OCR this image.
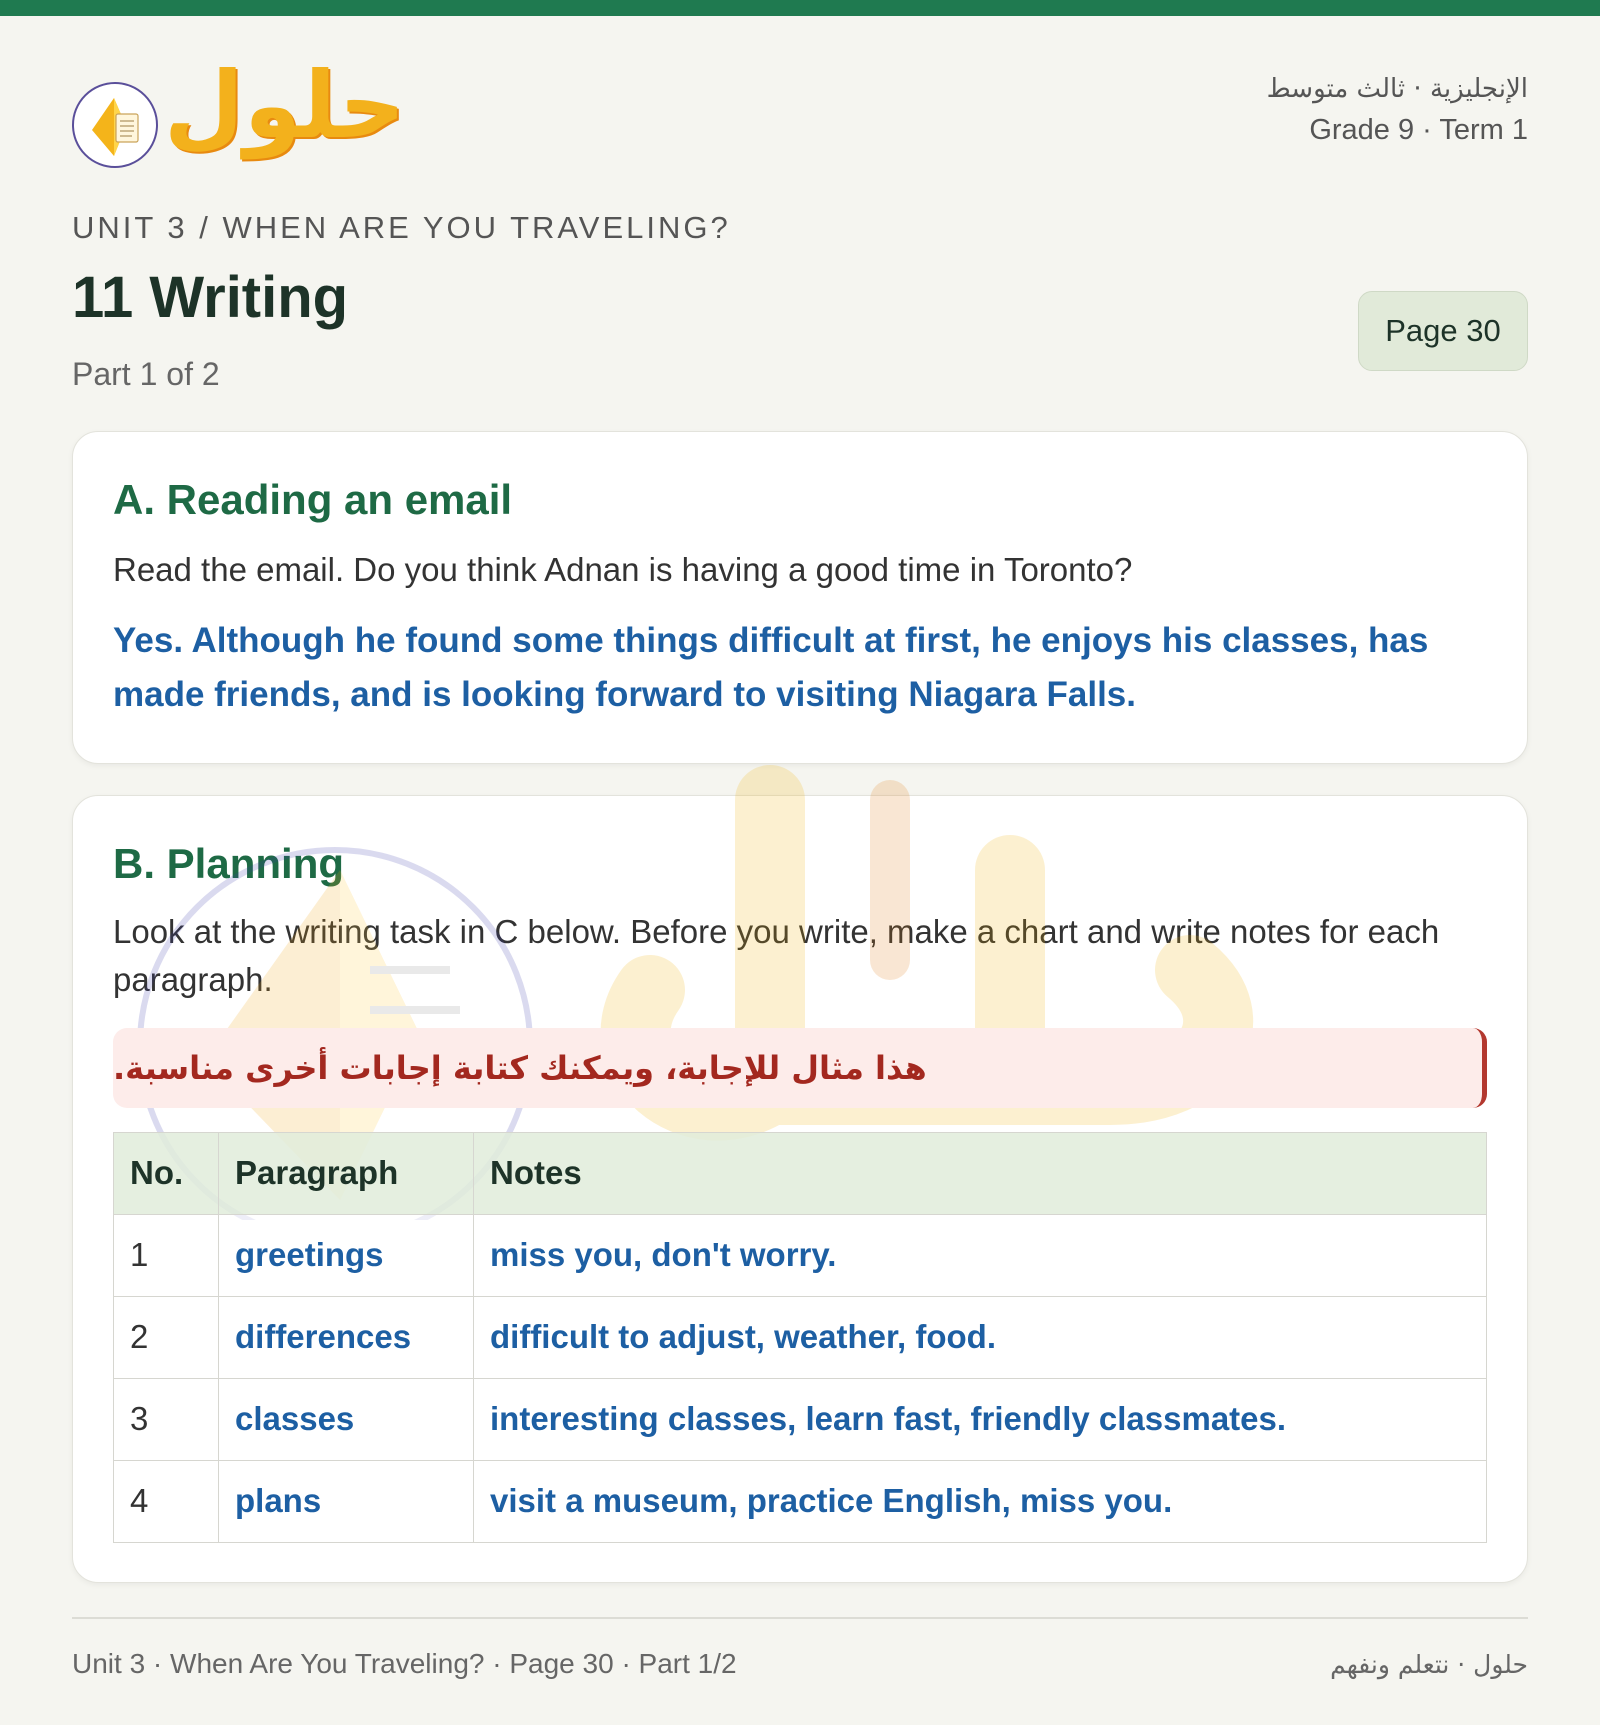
حلول	الإنجليزية · ثالث متوسط
Grade 9 · Term 1
UNIT 3 / WHEN ARE YOU TRAVELING?
11 Writing
Part 1 of 2
Page 30
A. Reading an email

Read the email. Do you think Adnan is having a good time in Toronto?

Yes. Although he found some things difficult at first, he enjoys his classes, has made friends, and is looking forward to visiting Niagara Falls.

B. Planning

Look at the writing task in C below. Before you write, make a chart and write notes for each paragraph.

هذا مثال للإجابة، ويمكنك كتابة إجابات أخرى مناسبة.
No.	Paragraph	Notes
1	greetings	miss you, don't worry.
2	differences	difficult to adjust, weather, food.
3	classes	interesting classes, learn fast, friendly classmates.
4	plans	visit a museum, practice English, miss you.
Unit 3 · When Are You Traveling? · Page 30 · Part 1/2	حلول · نتعلم ونفهم
